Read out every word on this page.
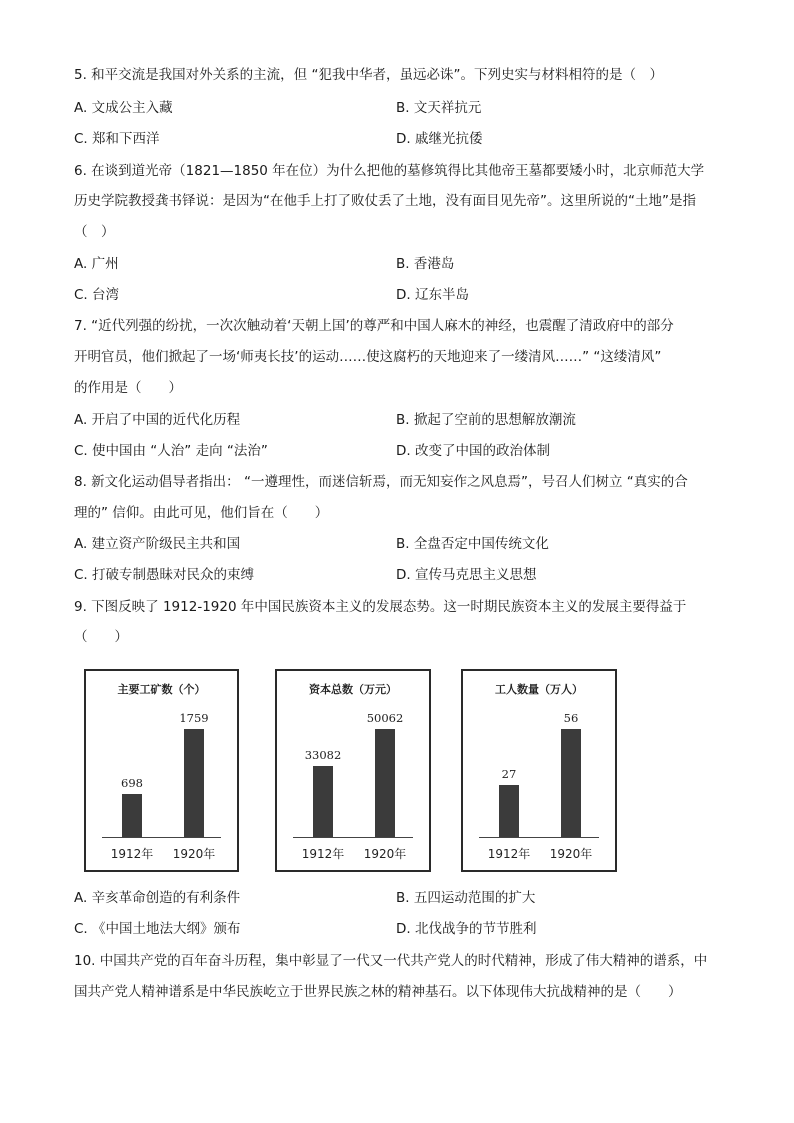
5. 和平交流是我国对外关系的主流，但 “犯我中华者，虽远必诛”。下列史实与材料相符的是（　）
A. 文成公主入藏	B. 文天祥抗元
C. 郑和下西洋	D. 戚继光抗倭
6. 在谈到道光帝（1821—1850 年在位）为什么把他的墓修筑得比其他帝王墓都要矮小时，北京师范大学
历史学院教授龚书铎说：是因为“在他手上打了败仗丢了土地，没有面目见先帝”。这里所说的“土地”是指
（　）
A. 广州	B. 香港岛
C. 台湾	D. 辽东半岛
7. “近代列强的纷扰，一次次触动着‘天朝上国’的尊严和中国人麻木的神经，也震醒了清政府中的部分
开明官员，他们掀起了一场‘师夷长技’的运动……使这腐朽的天地迎来了一缕清风……” “这缕清风”
的作用是（　　）
A. 开启了中国的近代化历程	B. 掀起了空前的思想解放潮流
C. 使中国由 “人治” 走向 “法治”	D. 改变了中国的政治体制
8. 新文化运动倡导者指出： “一遵理性，而迷信斩焉，而无知妄作之风息焉”，号召人们树立 “真实的合
理的” 信仰。由此可见，他们旨在（　　）
A. 建立资产阶级民主共和国	B. 全盘否定中国传统文化
C. 打破专制愚昧对民众的束缚	D. 宣传马克思主义思想
9. 下图反映了 1912-1920 年中国民族资本主义的发展态势。这一时期民族资本主义的发展主要得益于
（　　）
主要工矿数（个）
698
1759
1912年	1920年
资本总数（万元）
33082
50062
1912年	1920年
工人数量（万人）
27
56
1912年	1920年
A. 辛亥革命创造的有利条件	B. 五四运动范围的扩大
C. 《中国土地法大纲》颁布	D. 北伐战争的节节胜利
10. 中国共产党的百年奋斗历程，集中彰显了一代又一代共产党人的时代精神，形成了伟大精神的谱系，中
国共产党人精神谱系是中华民族屹立于世界民族之林的精神基石。以下体现伟大抗战精神的是（　　）
